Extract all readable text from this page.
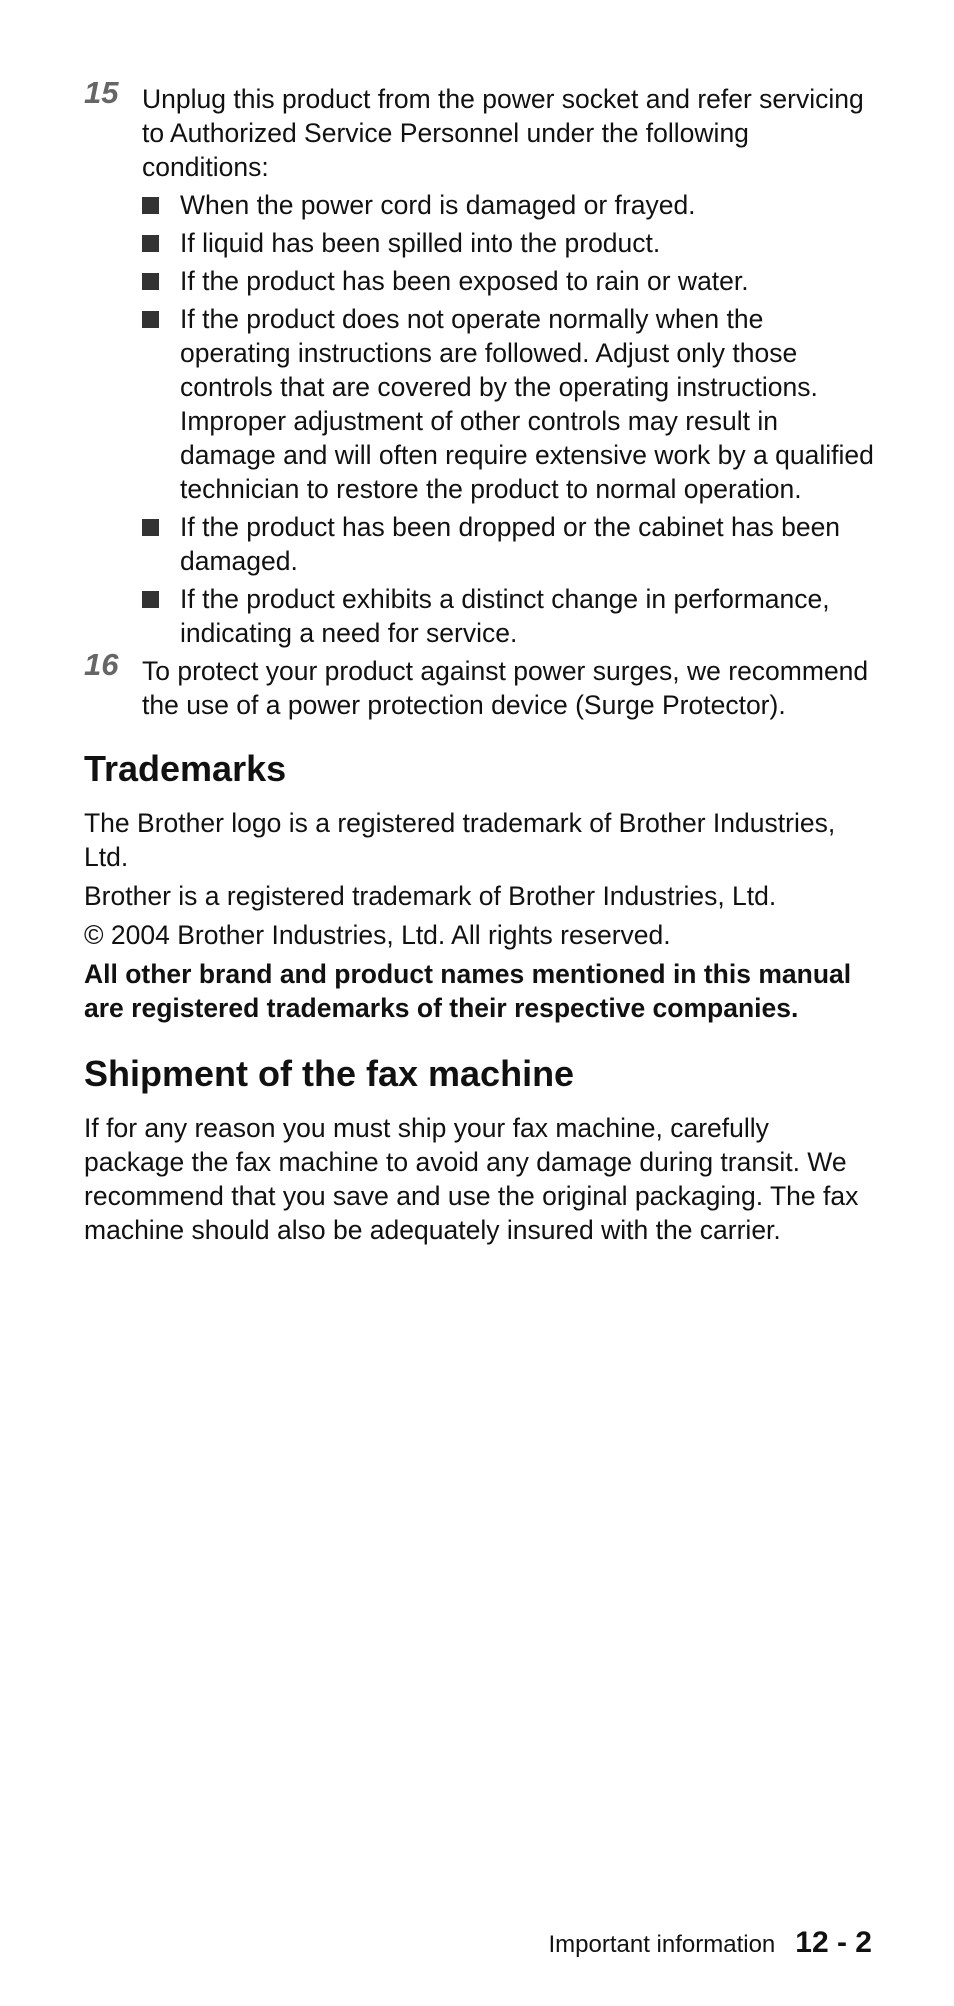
15 Unplug this product from the power socket and refer servicing to Authorized Service Personnel under the following conditions:
When the power cord is damaged or frayed.
If liquid has been spilled into the product.
If the product has been exposed to rain or water.
If the product does not operate normally when the operating instructions are followed. Adjust only those controls that are covered by the operating instructions. Improper adjustment of other controls may result in damage and will often require extensive work by a qualified technician to restore the product to normal operation.
If the product has been dropped or the cabinet has been damaged.
If the product exhibits a distinct change in performance, indicating a need for service.
16 To protect your product against power surges, we recommend the use of a power protection device (Surge Protector).
Trademarks

The Brother logo is a registered trademark of Brother Industries, Ltd.

Brother is a registered trademark of Brother Industries, Ltd.

© 2004 Brother Industries, Ltd. All rights reserved.

All other brand and product names mentioned in this manual are registered trademarks of their respective companies.

Shipment of the fax machine

If for any reason you must ship your fax machine, carefully package the fax machine to avoid any damage during transit. We recommend that you save and use the original packaging. The fax machine should also be adequately insured with the carrier.

Important information 12 - 2
